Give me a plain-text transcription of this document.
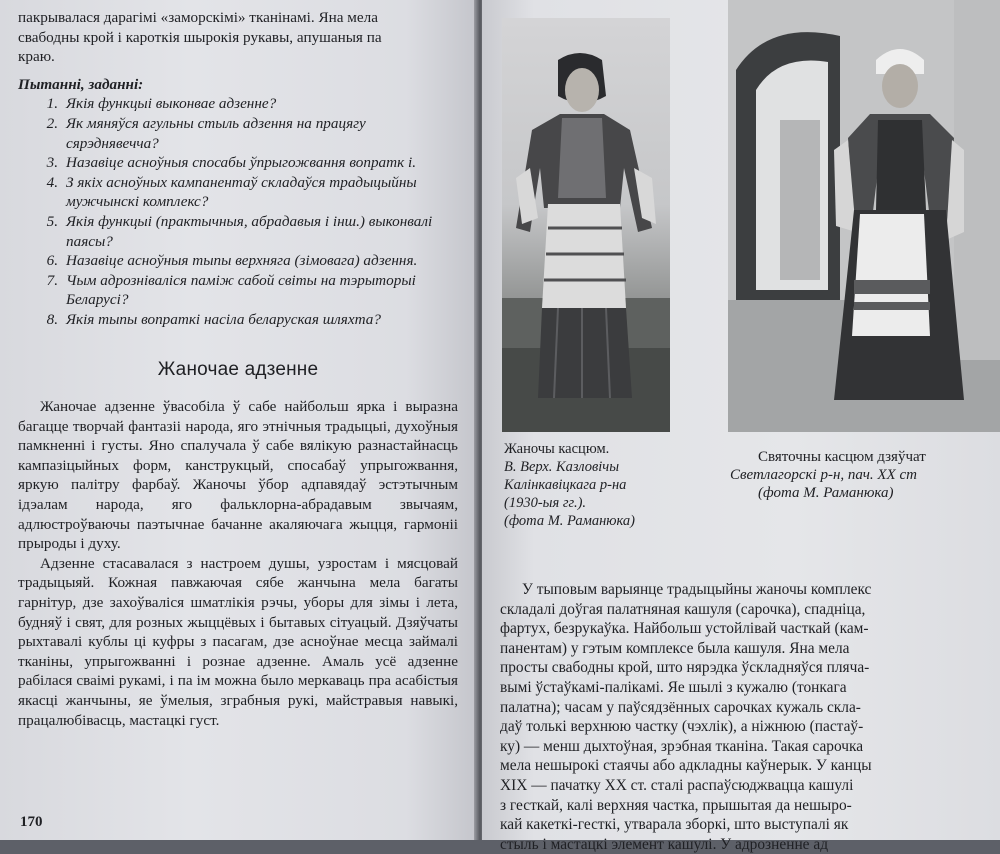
пакрывалася дарагімі «заморскімі» тканінамі. Яна мела

свабодны крой і кароткія шырокія рукавы, апушаныя па

краю.

Пытанні, заданні:

1. Якія функцыі выконвае адзенне?
2. Як мяняўся агульны стыль адзення на працягу сярэднявечча?
3. Назавіце асноўныя спосабы ўпрыгожвання вопратк і.
4. З якіх асноўных кампанентаў складаўся традыцыйны мужчынскі комплекс?
5. Якія функцыі (практычныя, абрадавыя і інш.) выконвалі паясы?
6. Назавіце асноўныя тыпы верхняга (зімовага) адзення.
7. Чым адрозніваліся паміж сабой світы на тэрыторыі Беларусі?
8. Якія тыпы вопраткі насіла беларуская шляхта?

Жаночае адзенне

Жаночае адзенне ўвасобіла ў сабе найбольш ярка і выразна багацце творчай фантазіі народа, яго этнічныя традыцыі, духоўныя памкненні і густы. Яно спалучала ў сабе вялікую разнастайнасць кампазіцыйных форм, канструкцый, спосабаў упрыгожвання, яркую палітру фарбаў. Жаночы ўбор адпавядаў эстэтычным ідэалам народа, яго фальклорна-абрадавым звычаям, адлюстроўваючы паэтычнае бачанне акаляючага жыцця, гармоніі прыроды і духу.

Адзенне стасавалася з настроем душы, узростам і мясцовай традыцыяй. Кожная павжаючая сябе жанчына мела багаты гарнітур, дзе захоўваліся шматлікія рэчы, уборы для зімы і лета, будняў і свят, для розных жыццёвых і бытавых сітуацый. Дзяўчаты рыхтавалі кублы ці куфры з пасагам, дзе асноўнае месца займалі тканіны, упрыгожванні і рознае адзенне. Амаль усё адзенне рабілася сваімі рукамі, і па ім можна было меркаваць пра асабістыя якасці жанчыны, яе ўмелыя, зграбныя рукі, майстравыя навыкі, працалюбівасць, мастацкі густ.

170
Жаночы касцюм.
В. Верх. Казловічы
Калінкавіцкага р-на
(1930-ыя гг.).
(фота М. Раманюка)
Святочны касцюм дзяўчат
Светлагорскі р-н, пач. XX ст
(фота М. Раманюка)
У тыповым варыянце традыцыйны жаночы комплекс
складалі доўгая палатняная кашуля (сарочка), спадніца,
фартух, безрукаўка. Найбольш устойлівай часткай (кам-
панентам) у гэтым комплексе была кашуля. Яна мела
просты свабодны крой, што нярэдка ўскладняўся пляча-
вымі ўстаўкамі-палікамі. Яе шылі з кужалю (тонкага
палатна); часам у паўсядзённых сарочках кужаль скла-
даў толькі верхнюю частку (чэхлік), а ніжнюю (пастаў-
ку) — менш дыхтоўная, зрэбная тканіна. Такая сарочка
мела нешырокі стаячы або адкладны каўнерык. У канцы
XIX — пачатку XX ст. сталі распаўсюджвацца кашулі
з гесткай, калі верхняя частка, прышытая да нешыро-
кай какеткі-гесткі, утварала зборкі, што выступалі як
стыль і мастацкі элемент кашулі. У адрозненне ад
